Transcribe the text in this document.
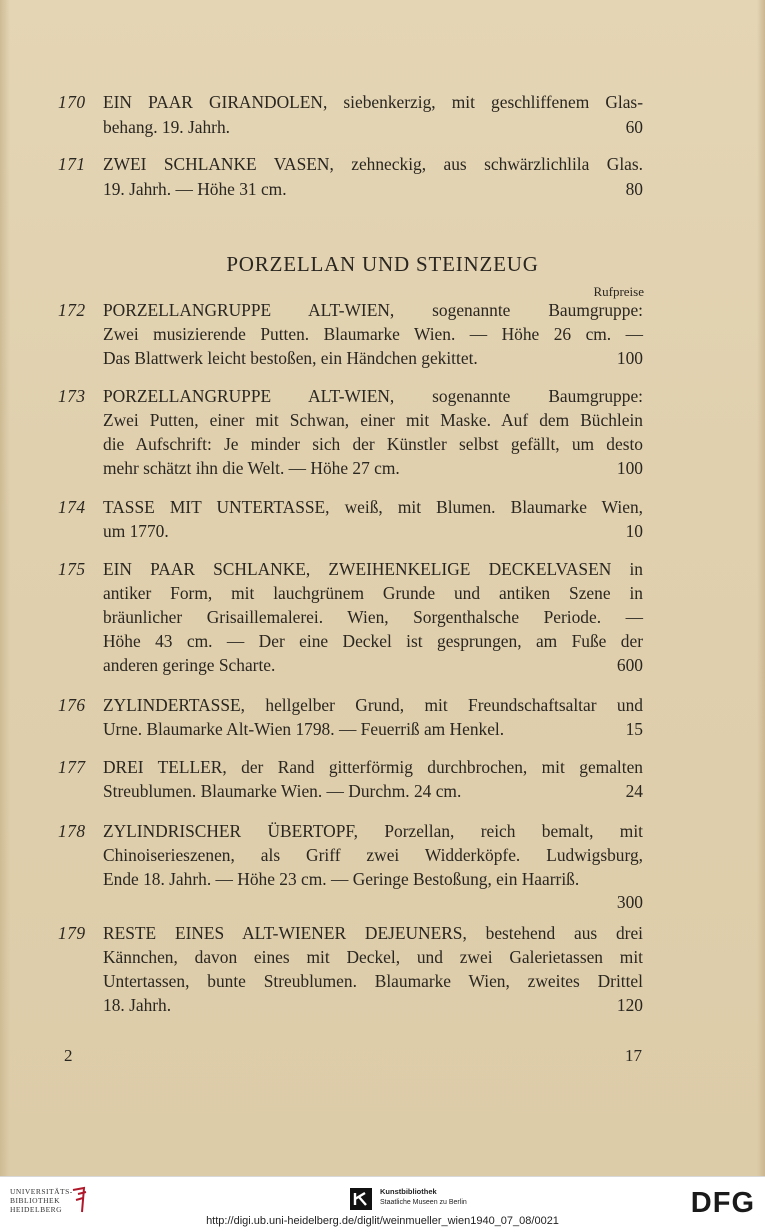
170	EIN PAAR GIRANDOLEN, siebenkerzig, mit geschliffenem Glas-
behang. 19. Jahrh.	60
171	ZWEI SCHLANKE VASEN, zehneckig, aus schwärzlichlila Glas.
19. Jahrh. — Höhe 31 cm.	80
PORZELLAN UND STEINZEUG
Rufpreise
172	PORZELLANGRUPPE ALT-WIEN, sogenannte Baumgruppe:
Zwei musizierende Putten. Blaumarke Wien. — Höhe 26 cm. —
Das Blattwerk leicht bestoßen, ein Händchen gekittet.	100
173	PORZELLANGRUPPE ALT-WIEN, sogenannte Baumgruppe:
Zwei Putten, einer mit Schwan, einer mit Maske. Auf dem Büchlein
die Aufschrift: Je minder sich der Künstler selbst gefällt, um desto
mehr schätzt ihn die Welt. — Höhe 27 cm.	100
174	TASSE MIT UNTERTASSE, weiß, mit Blumen. Blaumarke Wien,
um 1770.	10
175	EIN PAAR SCHLANKE, ZWEIHENKELIGE DECKELVASEN in
antiker Form, mit lauchgrünem Grunde und antiken Szene in
bräunlicher Grisaillemalerei. Wien, Sorgenthalsche Periode. —
Höhe 43 cm. — Der eine Deckel ist gesprungen, am Fuße der
anderen geringe Scharte.	600
176	ZYLINDERTASSE, hellgelber Grund, mit Freundschaftsaltar und
Urne. Blaumarke Alt-Wien 1798. — Feuerriß am Henkel.	15
177	DREI TELLER, der Rand gitterförmig durchbrochen, mit gemalten
Streublumen. Blaumarke Wien. — Durchm. 24 cm.	24
178	ZYLINDRISCHER ÜBERTOPF, Porzellan, reich bemalt, mit
Chinoiserieszenen, als Griff zwei Widderköpfe. Ludwigsburg,
Ende 18. Jahrh. — Höhe 23 cm. — Geringe Bestoßung, ein Haarriß.
300
179	RESTE EINES ALT-WIENER DEJEUNERS, bestehend aus drei
Kännchen, davon eines mit Deckel, und zwei Galerietassen mit
Untertassen, bunte Streublumen. Blaumarke Wien, zweites Drittel
18. Jahrh.	120
2	17
UNIVERSITÄTS-
BIBLIOTHEK
HEIDELBERG
Kunstbibliothek
Staatliche Museen zu Berlin	DFG
http://digi.ub.uni-heidelberg.de/diglit/weinmueller_wien1940_07_08/0021
